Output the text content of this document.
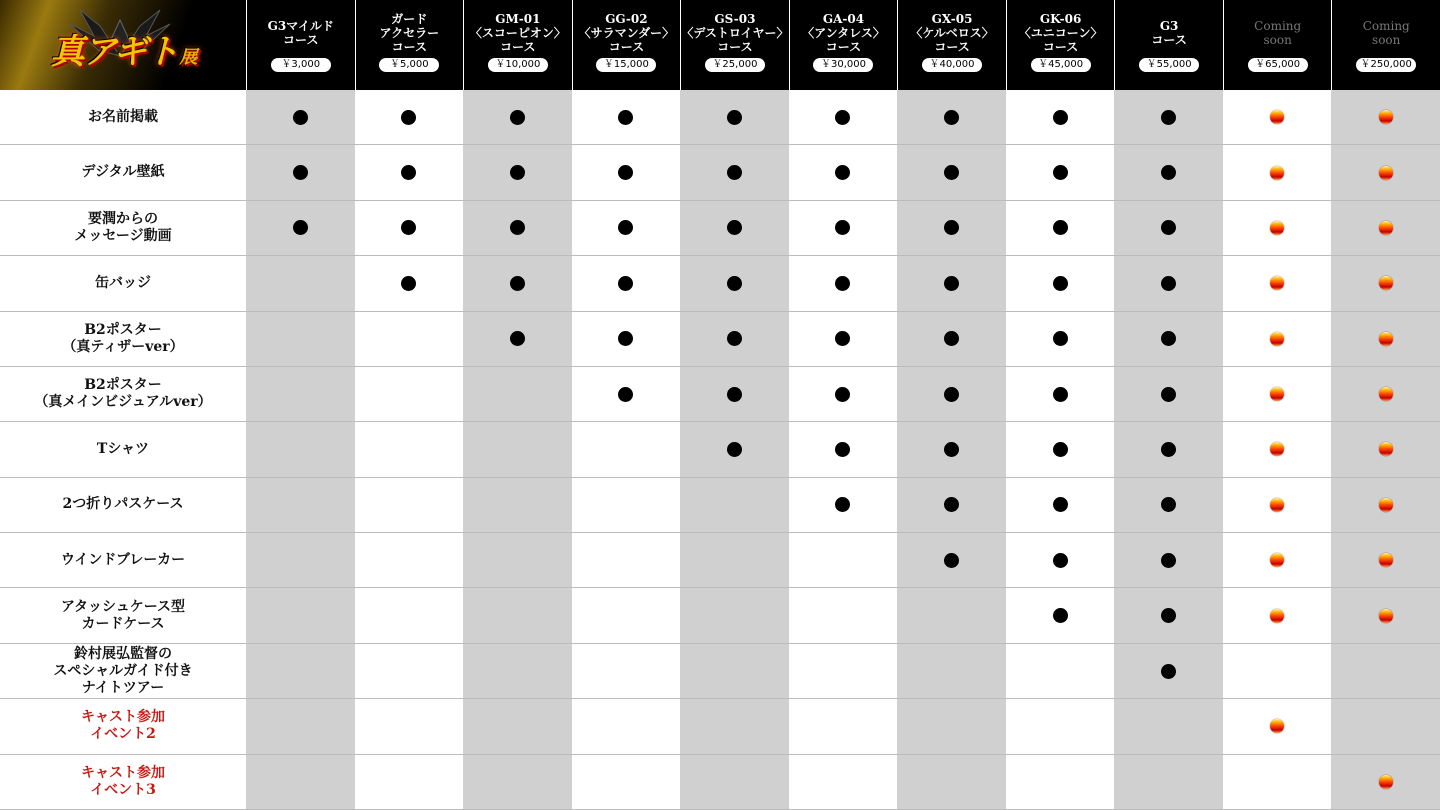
真アギト 展
G3マイルド
コース
￥3,000
ガード
アクセラー
コース
￥5,000
GM-01
〈スコーピオン〉
コース
￥10,000
GG-02
〈サラマンダー〉
コース
￥15,000
GS-03
〈デストロイヤー〉
コース
￥25,000
GA-04
〈アンタレス〉
コース
￥30,000
GX-05
〈ケルベロス〉
コース
￥40,000
GK-06
〈ユニコーン〉
コース
￥45,000
G3
コース
￥55,000
Coming
soon
￥65,000
Coming
soon
￥250,000
お名前掲載
デジタル壁紙
要潤からの
メッセージ動画
缶バッジ
B2ポスター
（真ティザーver）
B2ポスター
（真メインビジュアルver）
Tシャツ
2つ折りパスケース
ウインドブレーカー
アタッシュケース型
カードケース
鈴村展弘監督の
スペシャルガイド付き
ナイトツアー
キャスト参加
イベント2
キャスト参加
イベント3
